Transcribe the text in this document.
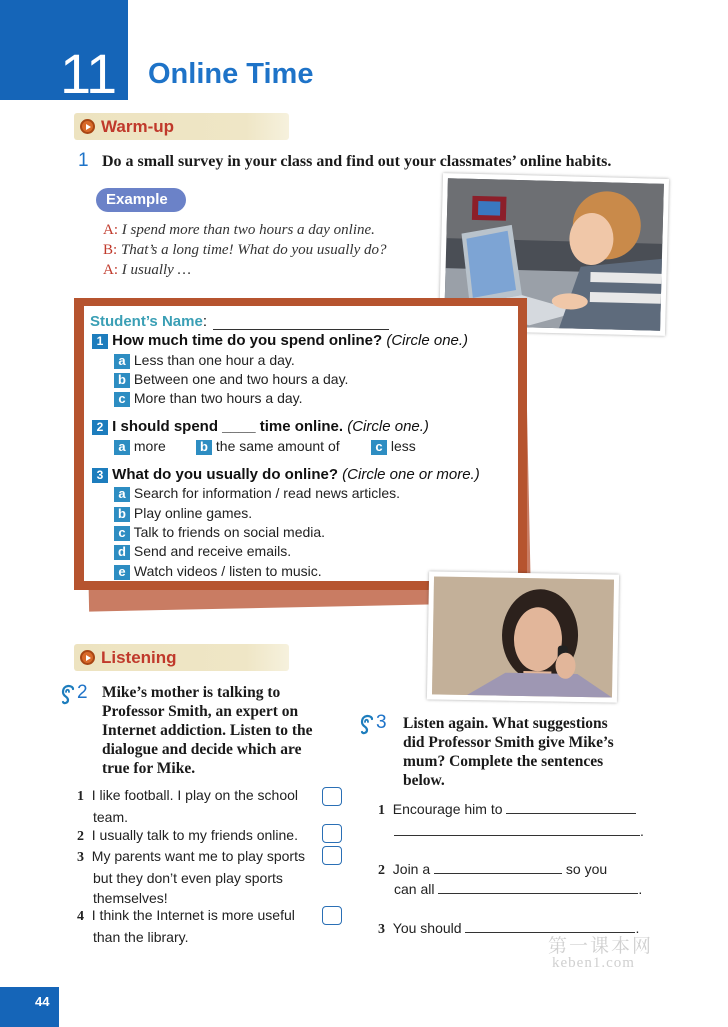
11 Online Time
Warm-up
1 Do a small survey in your class and find out your classmates’ online habits.
Example
A: I spend more than two hours a day online.
B: That’s a long time! What do you usually do?
A: I usually …
Student’s Name :
1 How much time do you spend online? (Circle one.)
a Less than one hour a day.
b Between one and two hours a day.
c More than two hours a day.
2 I should spend ____ time online. (Circle one.)
a more	b the same amount of	c less
3 What do you usually do online? (Circle one or more.)
a Search for information / read news articles.
b Play online games.
c Talk to friends on social media.
d Send and receive emails.
e Watch videos / listen to music.
Listening
2 Mike’s mother is talking to
Professor Smith, an expert on
Internet addiction. Listen to the
dialogue and decide which are
true for Mike.
1 I like football. I play on the school
team.
2 I usually talk to my friends online.
3 My parents want me to play sports
but they don’t even play sports
themselves!
4 I think the Internet is more useful
than the library.
3 Listen again. What suggestions
did Professor Smith give Mike’s
mum? Complete the sentences
below.
1 Encourage him to
.
2 Join a	so you
can all	.
3 You should	.
第一课本网
keben1.com
44
